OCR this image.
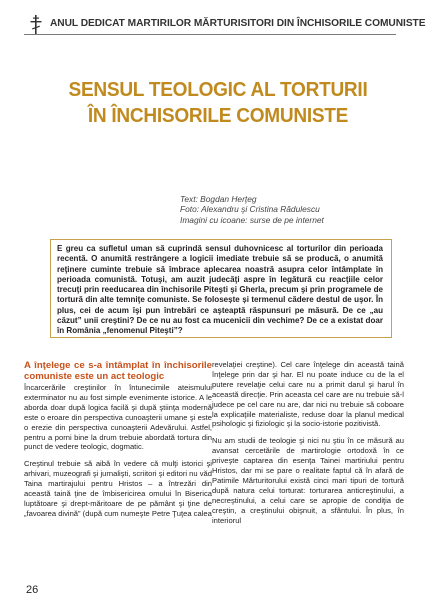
ANUL DEDICAT MARTIRILOR MĂRTURISITORI DIN ÎNCHISORILE COMUNISTE
SENSUL TEOLOGIC AL TORTURII
ÎN ÎNCHISORILE COMUNISTE
Text: Bogdan Herţeg
Foto: Alexandru şi Cristina Rădulescu
Imagini cu icoane: surse de pe internet
E greu ca sufletul uman să cuprindă sensul duhovnicesc al torturilor din perioada recentă. O anumită restrângere a logicii imediate trebuie să se producă, o anumită reţinere cuminte trebuie să îmbrace aplecarea noastră asupra celor întâmplate în perioada comunistă. Totuşi, am auzit judecăţi aspre în legătură cu reacţiile celor trecuţi prin reeducarea din închisorile Piteşti şi Gherla, precum şi prin programele de tortură din alte temniţe comuniste. Se folosește și termenul cădere destul de uşor. În plus, cei de acum îşi pun întrebări ce aşteaptă răspunsuri pe măsură. De ce „au căzut” unii creştini? De ce nu au fost ca mucenicii din vechime? De ce a existat doar în România „fenomenul Piteşti”?
A înţelege ce s-a întâmplat în închisorile comuniste este un act teologic

Încarcerările creştinilor în întunecimile ateismului exterminator nu au fost simple evenimente istorice. A le aborda doar după logica facilă şi după ştiinţa modernă este o eroare din perspectiva cunoaşterii umane şi este o erezie din perspectiva cunoaşterii Adevărului. Astfel, pentru a porni bine la drum trebuie abordată tortura din punct de vedere teologic, dogmatic.

Creştinul trebuie să aibă în vedere că mulţi istorici şi arhivari, muzeografi şi jurnalişti, scriitori şi editori nu văd Taina martirajului pentru Hristos – a întrezări din această taină ţine de îmbisericirea omului în Biserica luptătoare şi drept-măritoare de pe pământ şi ţine de „favoarea divină” (după cum numeşte Petre Ţuţea calea

revelaţiei creştine). Cel care înţelege din această taină înţelege prin dar şi har. El nu poate induce cu de la el putere revelaţie celui care nu a primit darul şi harul în această direcţie. Prin aceasta cel care are nu trebuie să-l judece pe cel care nu are, dar nici nu trebuie să coboare la explicaţiile materialiste, reduse doar la planul medical psihologic şi fiziologic şi la socio-istorie pozitivistă.

Nu am studii de teologie şi nici nu ştiu în ce măsură au avansat cercetările de martirologie ortodoxă în ce priveşte captarea din esenţa Tainei martiriului pentru Hristos, dar mi se pare o realitate faptul că în afară de Patimile Mărturitorului există cinci mari tipuri de tortură după natura celui torturat: torturarea anticreştinului, a necreştinului, a celui care se apropie de condiţia de creştin, a creştinului obişnuit, a sfântului. În plus, în interiorul

26
